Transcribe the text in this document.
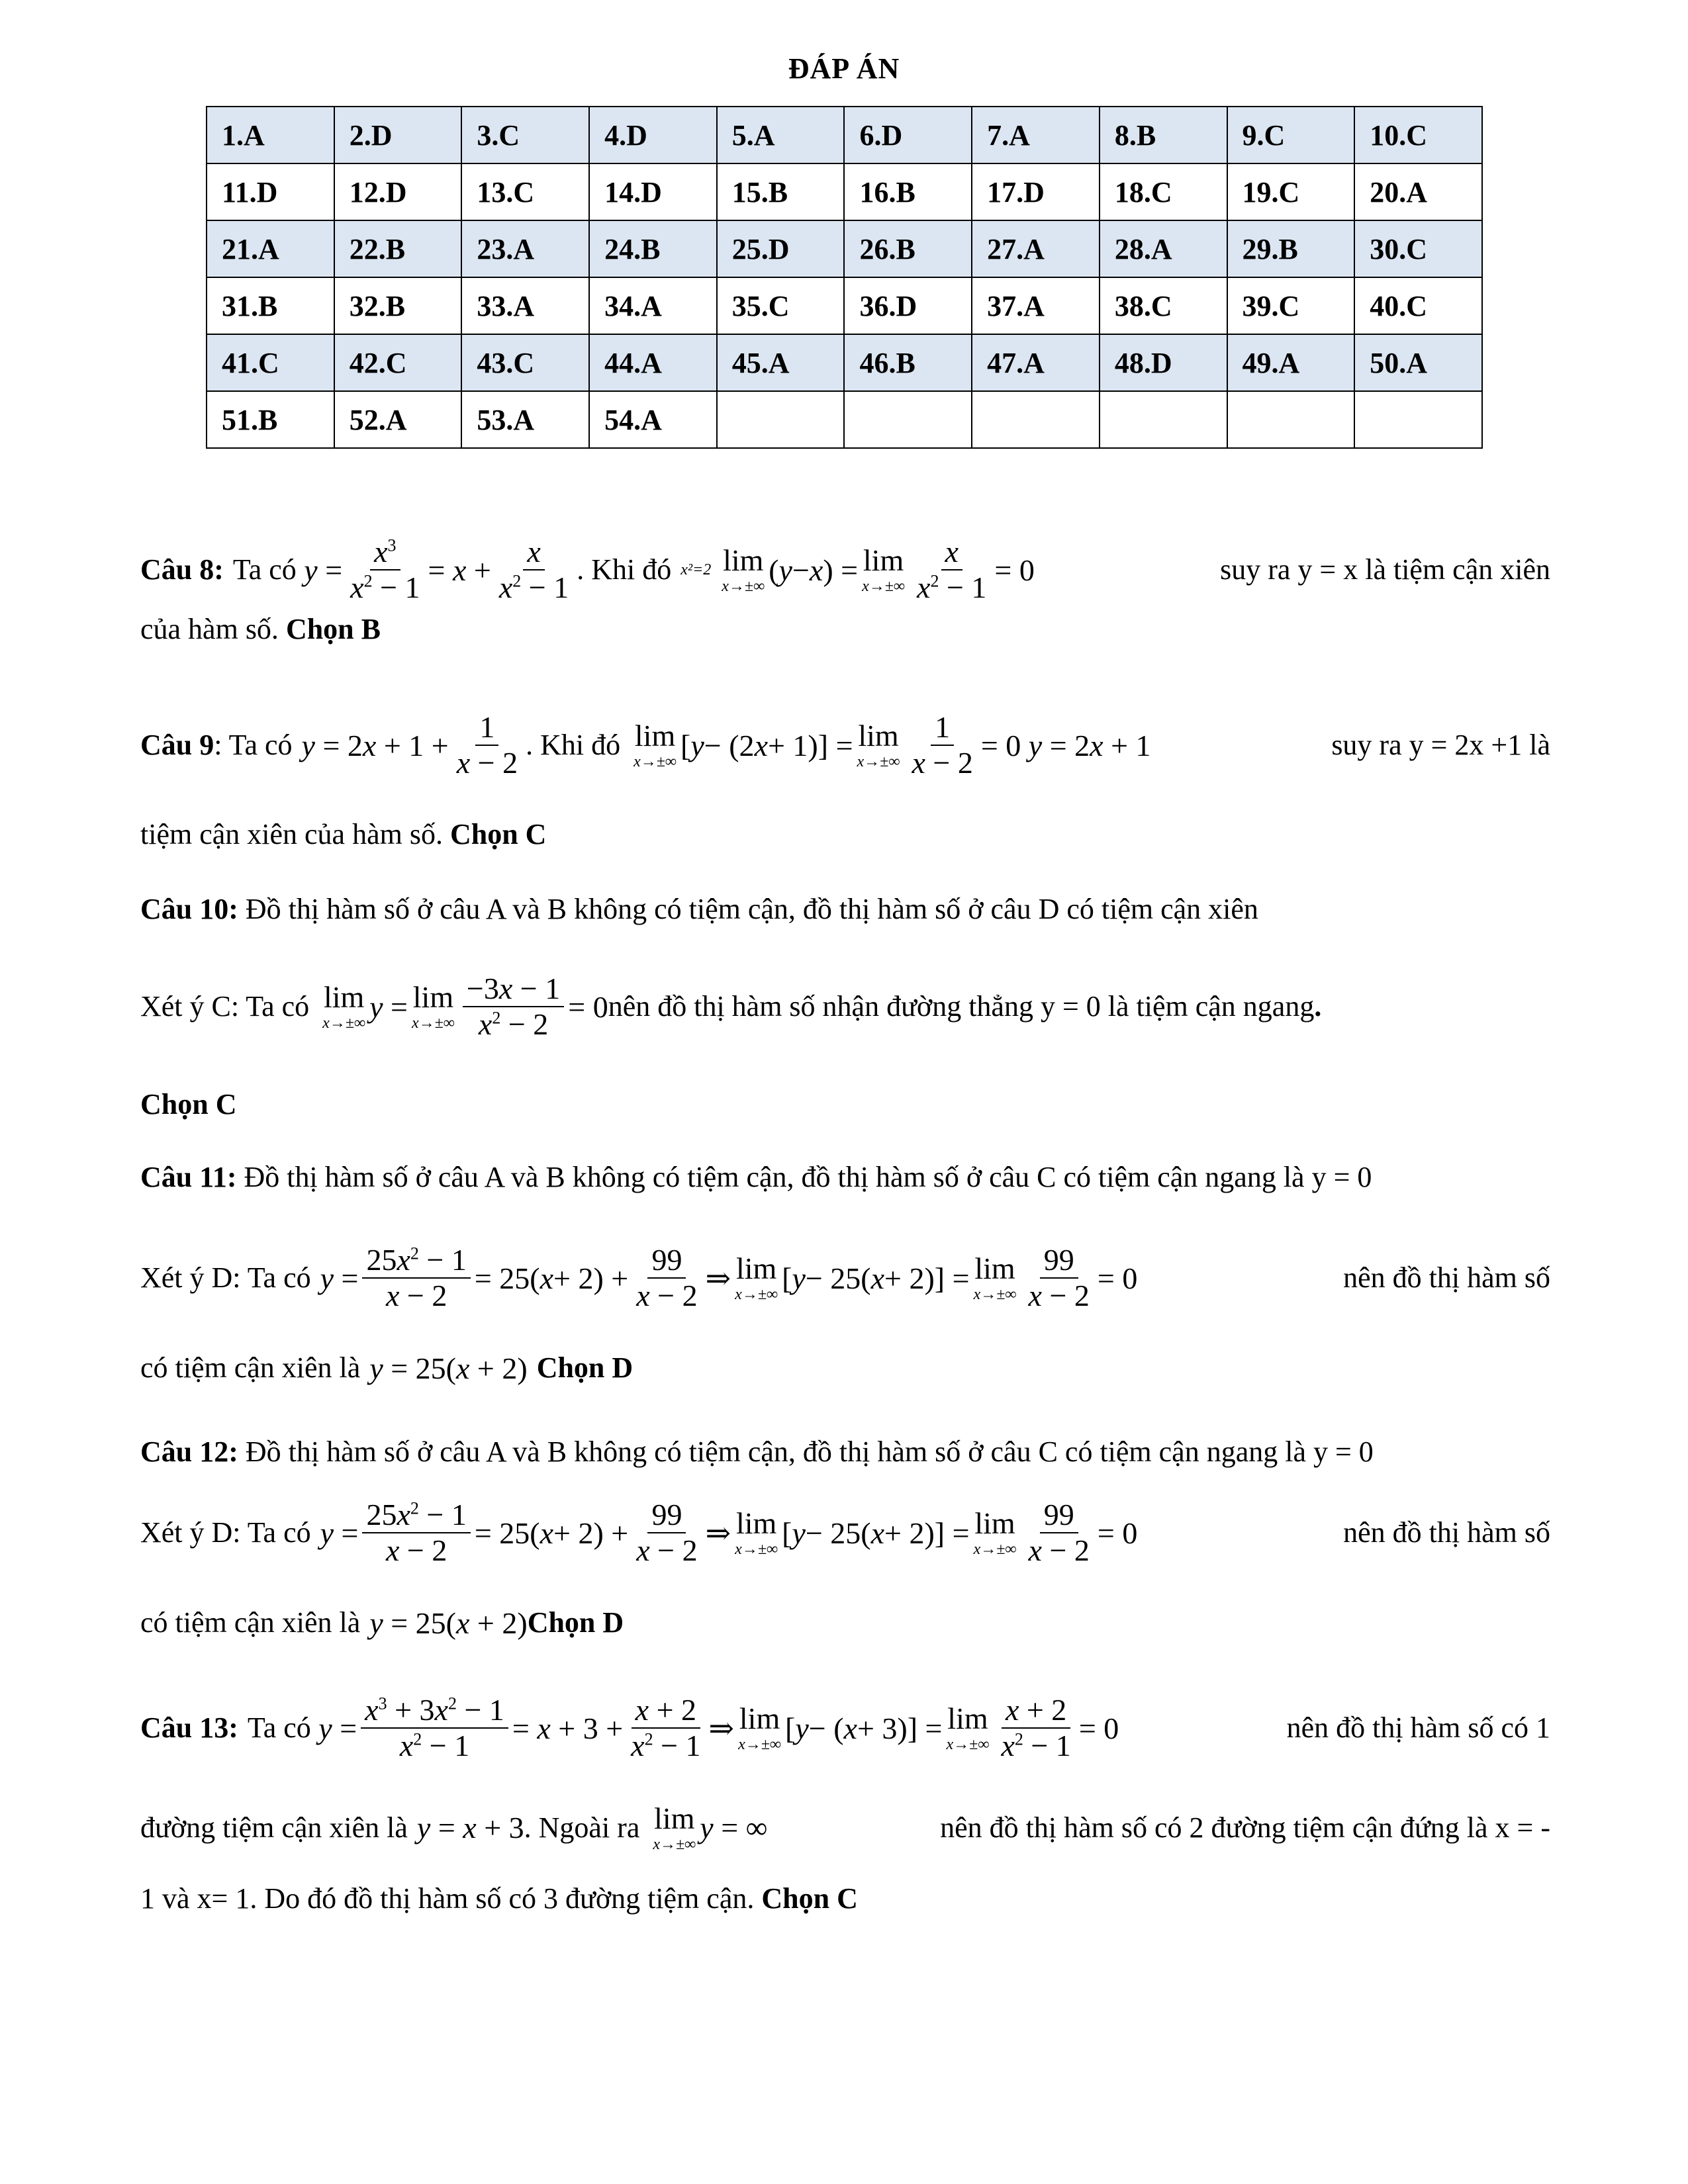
ĐÁP ÁN
1.A	2.D	3.C	4.D	5.A	6.D	7.A	8.B	9.C	10.C
11.D	12.D	13.C	14.D	15.B	16.B	17.D	18.C	19.C	20.A
21.A	22.B	23.A	24.B	25.D	26.B	27.A	28.A	29.B	30.C
31.B	32.B	33.A	34.A	35.C	36.D	37.A	38.C	39.C	40.C
41.C	42.C	43.C	44.A	45.A	46.B	47.A	48.D	49.A	50.A
51.B	52.A	53.A	54.A						
Câu 8: Ta có $y = \frac{x^3}{x^2 - 1} = x + \frac{x}{x^2 - 1}$ . Khi đó x²=2 lim
x→±∞ ( y − x ) = lim
$x\to\pm\infty \frac{x}{x^2 - 1} = 0$	suy ra y = x là tiệm cận xiên
của hàm số. Chọn B
Câu 9 : Ta có y = 2 $x + 1 + \frac{1}{x - 2}$ . Khi đó lim
x→±∞ [ y − (2 x + 1)] = lim
$x\to\pm\infty \frac{1}{x - 2} = 0$ y = 2 x + 1	suy ra y = 2x +1 là
tiệm cận xiên của hàm số. Chọn C
Câu 10: Đồ thị hàm số ở câu A và B không có tiệm cận, đồ thị hàm số ở câu D có tiệm cận xiên
Xét ý C: Ta có lim
x→±∞ y = lim
$x\to\pm\infty \frac{-3x - 1}{x^2 - 2} = 0$ nên đồ thị hàm số nhận đường thẳng y = 0 là tiệm cận ngang .
Chọn C
Câu 11: Đồ thị hàm số ở câu A và B không có tiệm cận, đồ thị hàm số ở câu C có tiệm cận ngang là y = 0
Xét ý D: Ta có $y = \frac{25x^2 - 1}{x - 2} = 25$( $x + 2) + \frac{99}{x - 2}$ ⇒ lim
x→±∞ [ y − 25( x + 2)] = lim
$x\to\pm\infty \frac{99}{x - 2} = 0$	nên đồ thị hàm số
có tiệm cận xiên là y = 25(x + 2) Chọn D
Câu 12: Đồ thị hàm số ở câu A và B không có tiệm cận, đồ thị hàm số ở câu C có tiệm cận ngang là y = 0
Xét ý D: Ta có $y = \frac{25x^2 - 1}{x - 2} = 25$( $x + 2) + \frac{99}{x - 2}$ ⇒ lim
x→±∞ [ y − 25( x + 2)] = lim
$x\to\pm\infty \frac{99}{x - 2} = 0$	nên đồ thị hàm số
có tiệm cận xiên là y = 25(x + 2) Chọn D
Câu 13: Ta có $y = \frac{x^3 + 3x^2 - 1}{x^2 - 1} = x + 3 + \frac{x + 2}{x^2 - 1}$ ⇒ lim
x→±∞ [ y − ( x + 3)] = lim
$x\to\pm\infty \frac{x + 2}{x^2 - 1} = 0$	nên đồ thị hàm số có 1
đường tiệm cận xiên là y = x + 3 . Ngoài ra lim
x→±∞ y = ∞	nên đồ thị hàm số có 2 đường tiệm cận đứng là x = -
1 và x= 1. Do đó đồ thị hàm số có 3 đường tiệm cận. Chọn C
